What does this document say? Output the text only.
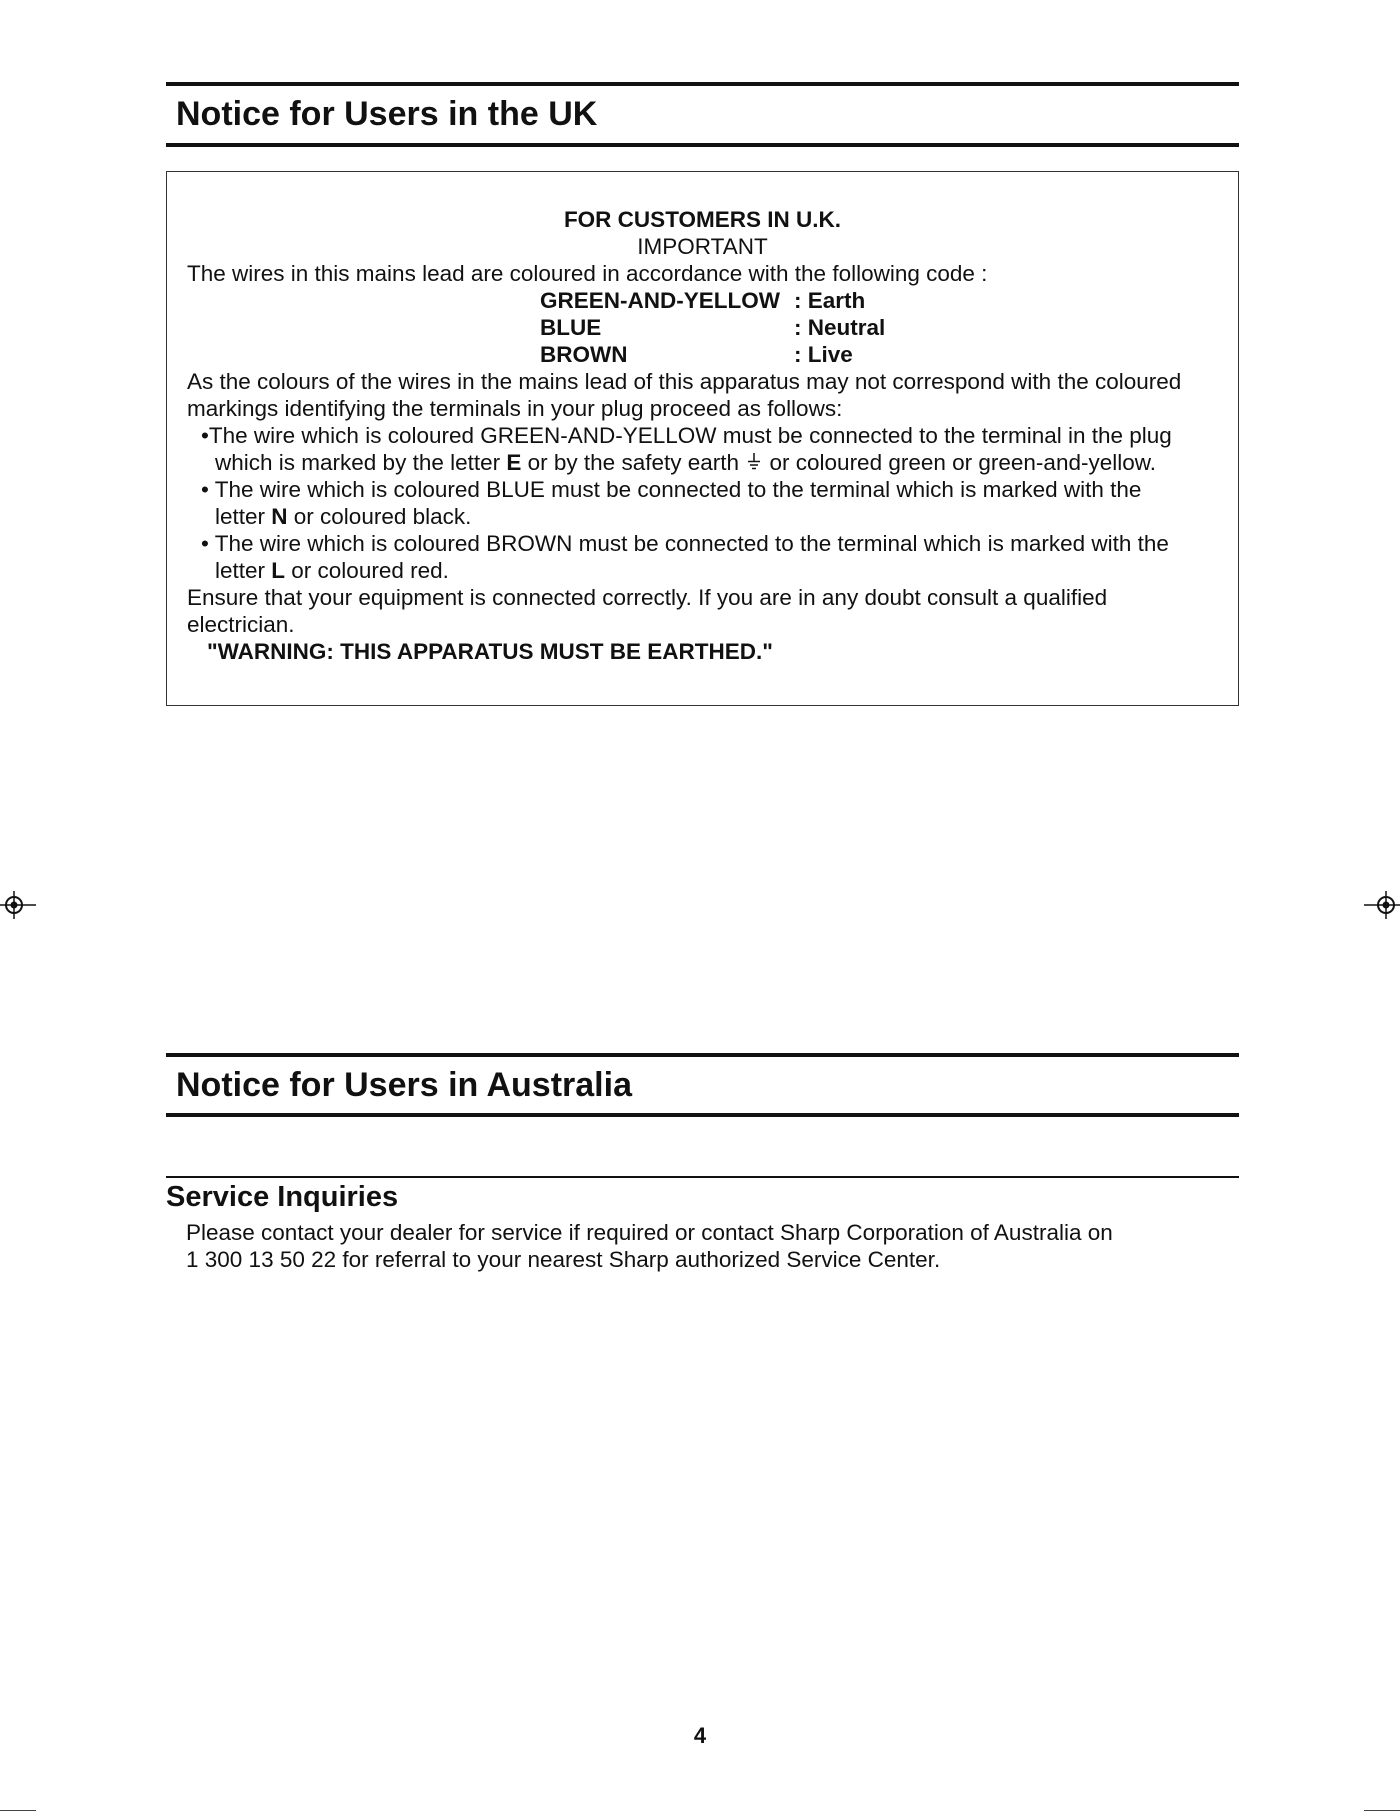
Notice for Users in the UK
FOR CUSTOMERS IN U.K.
IMPORTANT
The wires in this mains lead are coloured in accordance with the following code :
GREEN-AND-YELLOW : Earth
BLUE	: Neutral
BROWN	: Live
As the colours of the wires in the mains lead of this apparatus may not correspond with the coloured
markings identifying the terminals in your plug proceed as follows:
•The wire which is coloured GREEN-AND-YELLOW must be connected to the terminal in the plug
which is marked by the letter E or by the safety earth  or coloured green or green-and-yellow.
• The wire which is coloured BLUE must be connected to the terminal which is marked with the
letter N or coloured black.
• The wire which is coloured BROWN must be connected to the terminal which is marked with the
letter L or coloured red.
Ensure that your equipment is connected correctly. If you are in any doubt consult a qualified
electrician.
"WARNING: THIS APPARATUS MUST BE EARTHED."
Notice for Users in Australia
Service Inquiries
Please contact your dealer for service if required or contact Sharp Corporation of Australia on
1 300 13 50 22 for referral to your nearest Sharp authorized Service Center.
4
